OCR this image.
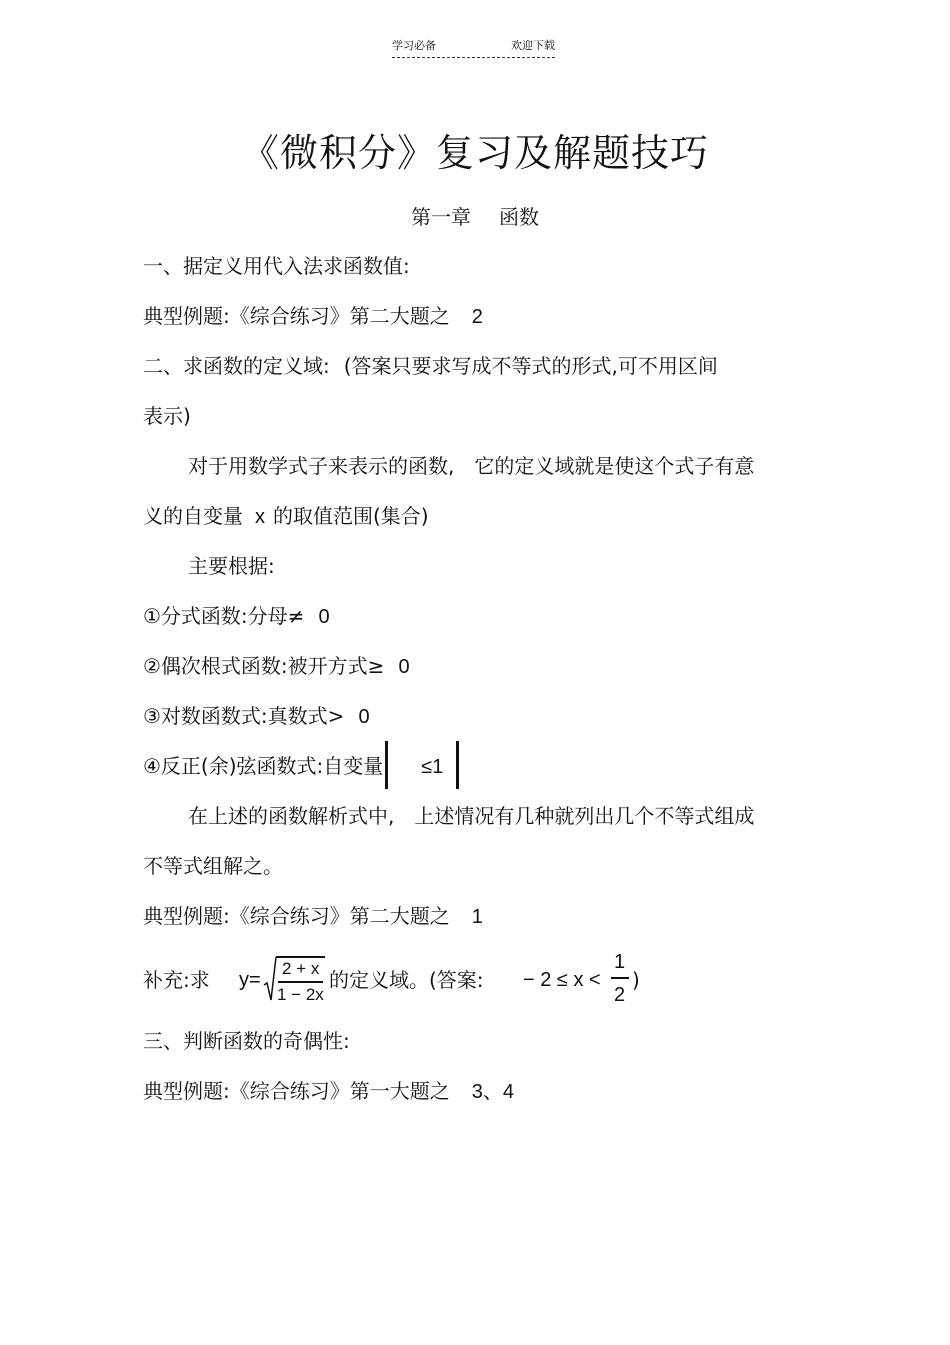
学习必备	欢迎下载
《微积分》复习及解题技巧
第一章 函数
一、据定义用代入法求函数值:
典型例题:《综合练习》第二大题之 2
二、求函数的定义域: (答案只要求写成不等式的形式,可不用区间
表示)
对于用数学式子来表示的函数, 它的定义域就是使这个式子有意
义的自变量 x 的取值范围(集合)
主要根据:
①分式函数:分母≠ 0
②偶次根式函数:被开方式≥ 0
③对数函数式:真数式> 0
④反正(余)弦函数式:自变量 ≤1
在上述的函数解析式中, 上述情况有几种就列出几个不等式组成
不等式组解之。
典型例题:《综合练习》第二大题之 1
补充:求 y=
2 + x
1 − 2x
的定义域。(答案: − 2 ≤ x <
1
2
)
三、判断函数的奇偶性:
典型例题:《综合练习》第一大题之 3、4
